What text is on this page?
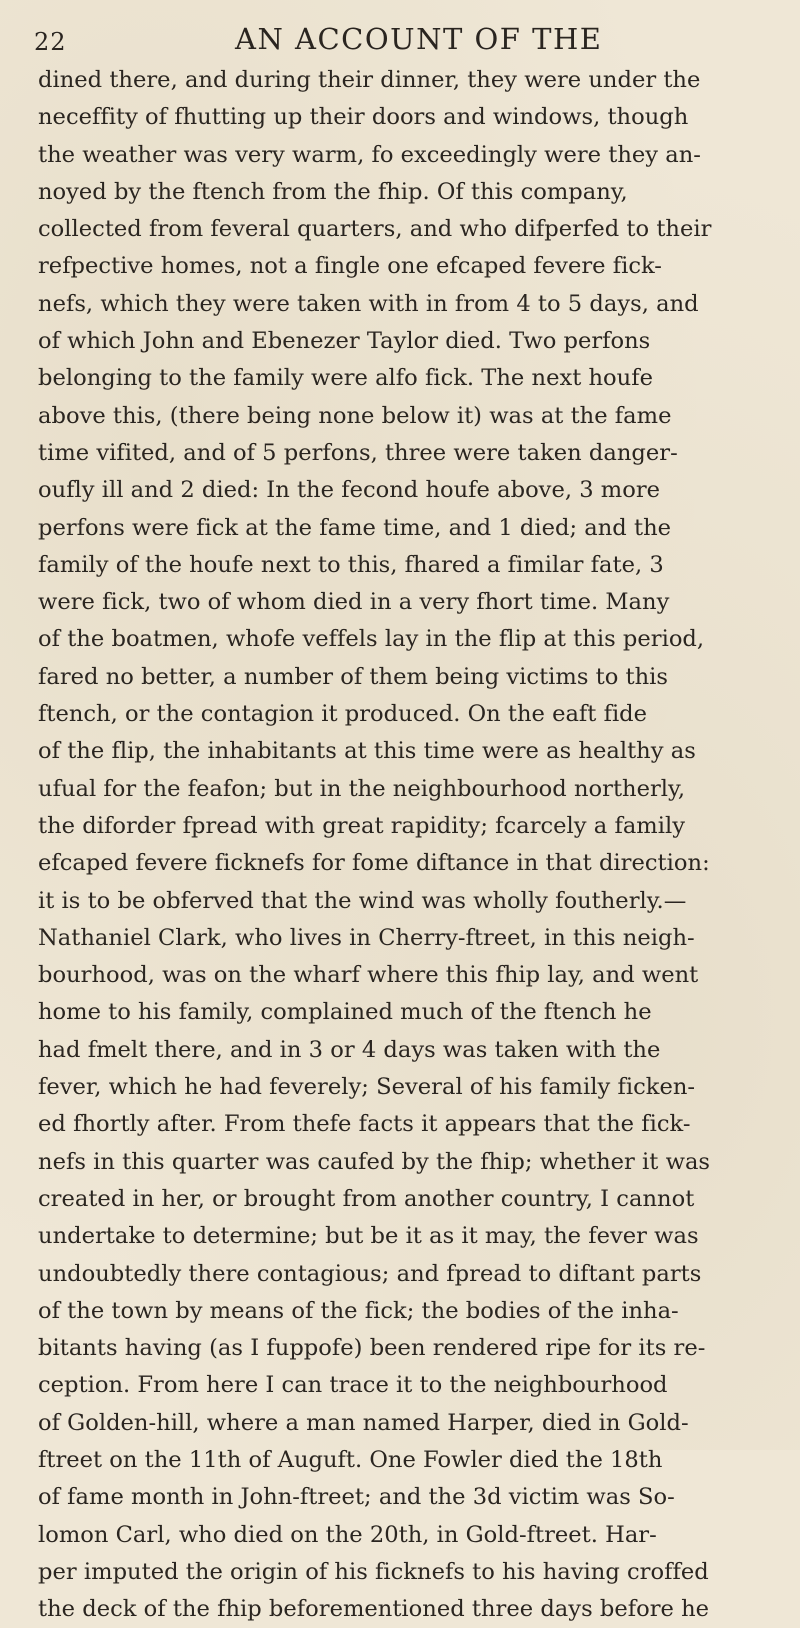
22	AN ACCOUNT OF THE
dined there, and during their dinner, they were under the
neceffity of fhutting up their doors and windows, though
the weather was very warm, fo exceedingly were they an-
noyed by the ftench from the fhip. Of this company,
collected from feveral quarters, and who difperfed to their
refpective homes, not a fingle one efcaped fevere fick-
nefs, which they were taken with in from 4 to 5 days, and
of which John and Ebenezer Taylor died. Two perfons
belonging to the family were alfo fick. The next houfe
above this, (there being none below it) was at the fame
time vifited, and of 5 perfons, three were taken danger-
oufly ill and 2 died: In the fecond houfe above, 3 more
perfons were fick at the fame time, and 1 died; and the
family of the houfe next to this, fhared a fimilar fate, 3
were fick, two of whom died in a very fhort time. Many
of the boatmen, whofe veffels lay in the flip at this period,
fared no better, a number of them being victims to this
ftench, or the contagion it produced. On the eaft fide
of the flip, the inhabitants at this time were as healthy as
ufual for the feafon; but in the neighbourhood northerly,
the diforder fpread with great rapidity; fcarcely a family
efcaped fevere ficknefs for fome diftance in that direction:
it is to be obferved that the wind was wholly foutherly.—
Nathaniel Clark, who lives in Cherry-ftreet, in this neigh-
bourhood, was on the wharf where this fhip lay, and went
home to his family, complained much of the ftench he
had fmelt there, and in 3 or 4 days was taken with the
fever, which he had feverely; Several of his family ficken-
ed fhortly after. From thefe facts it appears that the fick-
nefs in this quarter was caufed by the fhip; whether it was
created in her, or brought from another country, I cannot
undertake to determine; but be it as it may, the fever was
undoubtedly there contagious; and fpread to diftant parts
of the town by means of the fick; the bodies of the inha-
bitants having (as I fuppofe) been rendered ripe for its re-
ception. From here I can trace it to the neighbourhood
of Golden-hill, where a man named Harper, died in Gold-
ftreet on the 11th of Auguft. One Fowler died the 18th
of fame month in John-ftreet; and the 3d victim was So-
lomon Carl, who died on the 20th, in Gold-ftreet. Har-
per imputed the origin of his ficknefs to his having croffed
the deck of the fhip beforementioned three days before he
